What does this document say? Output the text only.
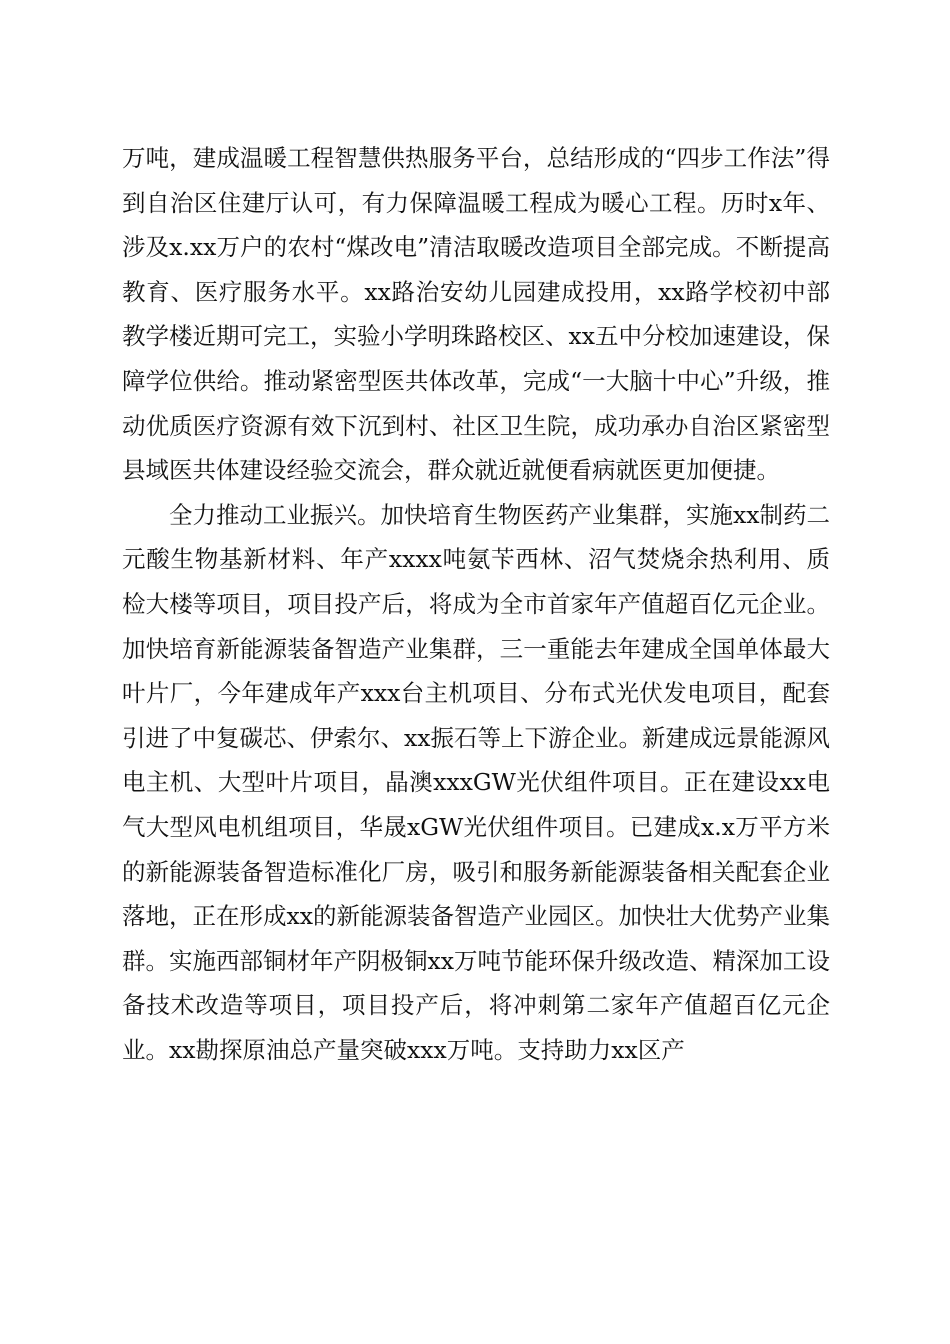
万吨，建成温暖工程智慧供热服务平台，总结形成的“四步工作法”得到自治区住建厅认可，有力保障温暖工程成为暖心工程。历时x年、涉及x.xx万户的农村“煤改电”清洁取暖改造项目全部完成。不断提高教育、医疗服务水平。xx路治安幼儿园建成投用，xx路学校初中部教学楼近期可完工，实验小学明珠路校区、xx五中分校加速建设，保障学位供给。推动紧密型医共体改革，完成“一大脑十中心”升级，推动优质医疗资源有效下沉到村、社区卫生院，成功承办自治区紧密型县域医共体建设经验交流会，群众就近就便看病就医更加便捷。

全力推动工业振兴。加快培育生物医药产业集群，实施xx制药二元酸生物基新材料、年产xxxx吨氨苄西林、沼气焚烧余热利用、质检大楼等项目，项目投产后，将成为全市首家年产值超百亿元企业。加快培育新能源装备智造产业集群，三一重能去年建成全国单体最大叶片厂，今年建成年产xxx台主机项目、分布式光伏发电项目，配套引进了中复碳芯、伊索尔、xx振石等上下游企业。新建成远景能源风电主机、大型叶片项目，晶澳xxxGW光伏组件项目。正在建设xx电气大型风电机组项目，华晟xGW光伏组件项目。已建成x.x万平方米的新能源装备智造标准化厂房，吸引和服务新能源装备相关配套企业落地，正在形成xx的新能源装备智造产业园区。加快壮大优势产业集群。实施西部铜材年产阴极铜xx万吨节能环保升级改造、精深加工设备技术改造等项目，项目投产后，将冲刺第二家年产值超百亿元企业。xx勘探原油总产量突破xxx万吨。支持助力xx区产
